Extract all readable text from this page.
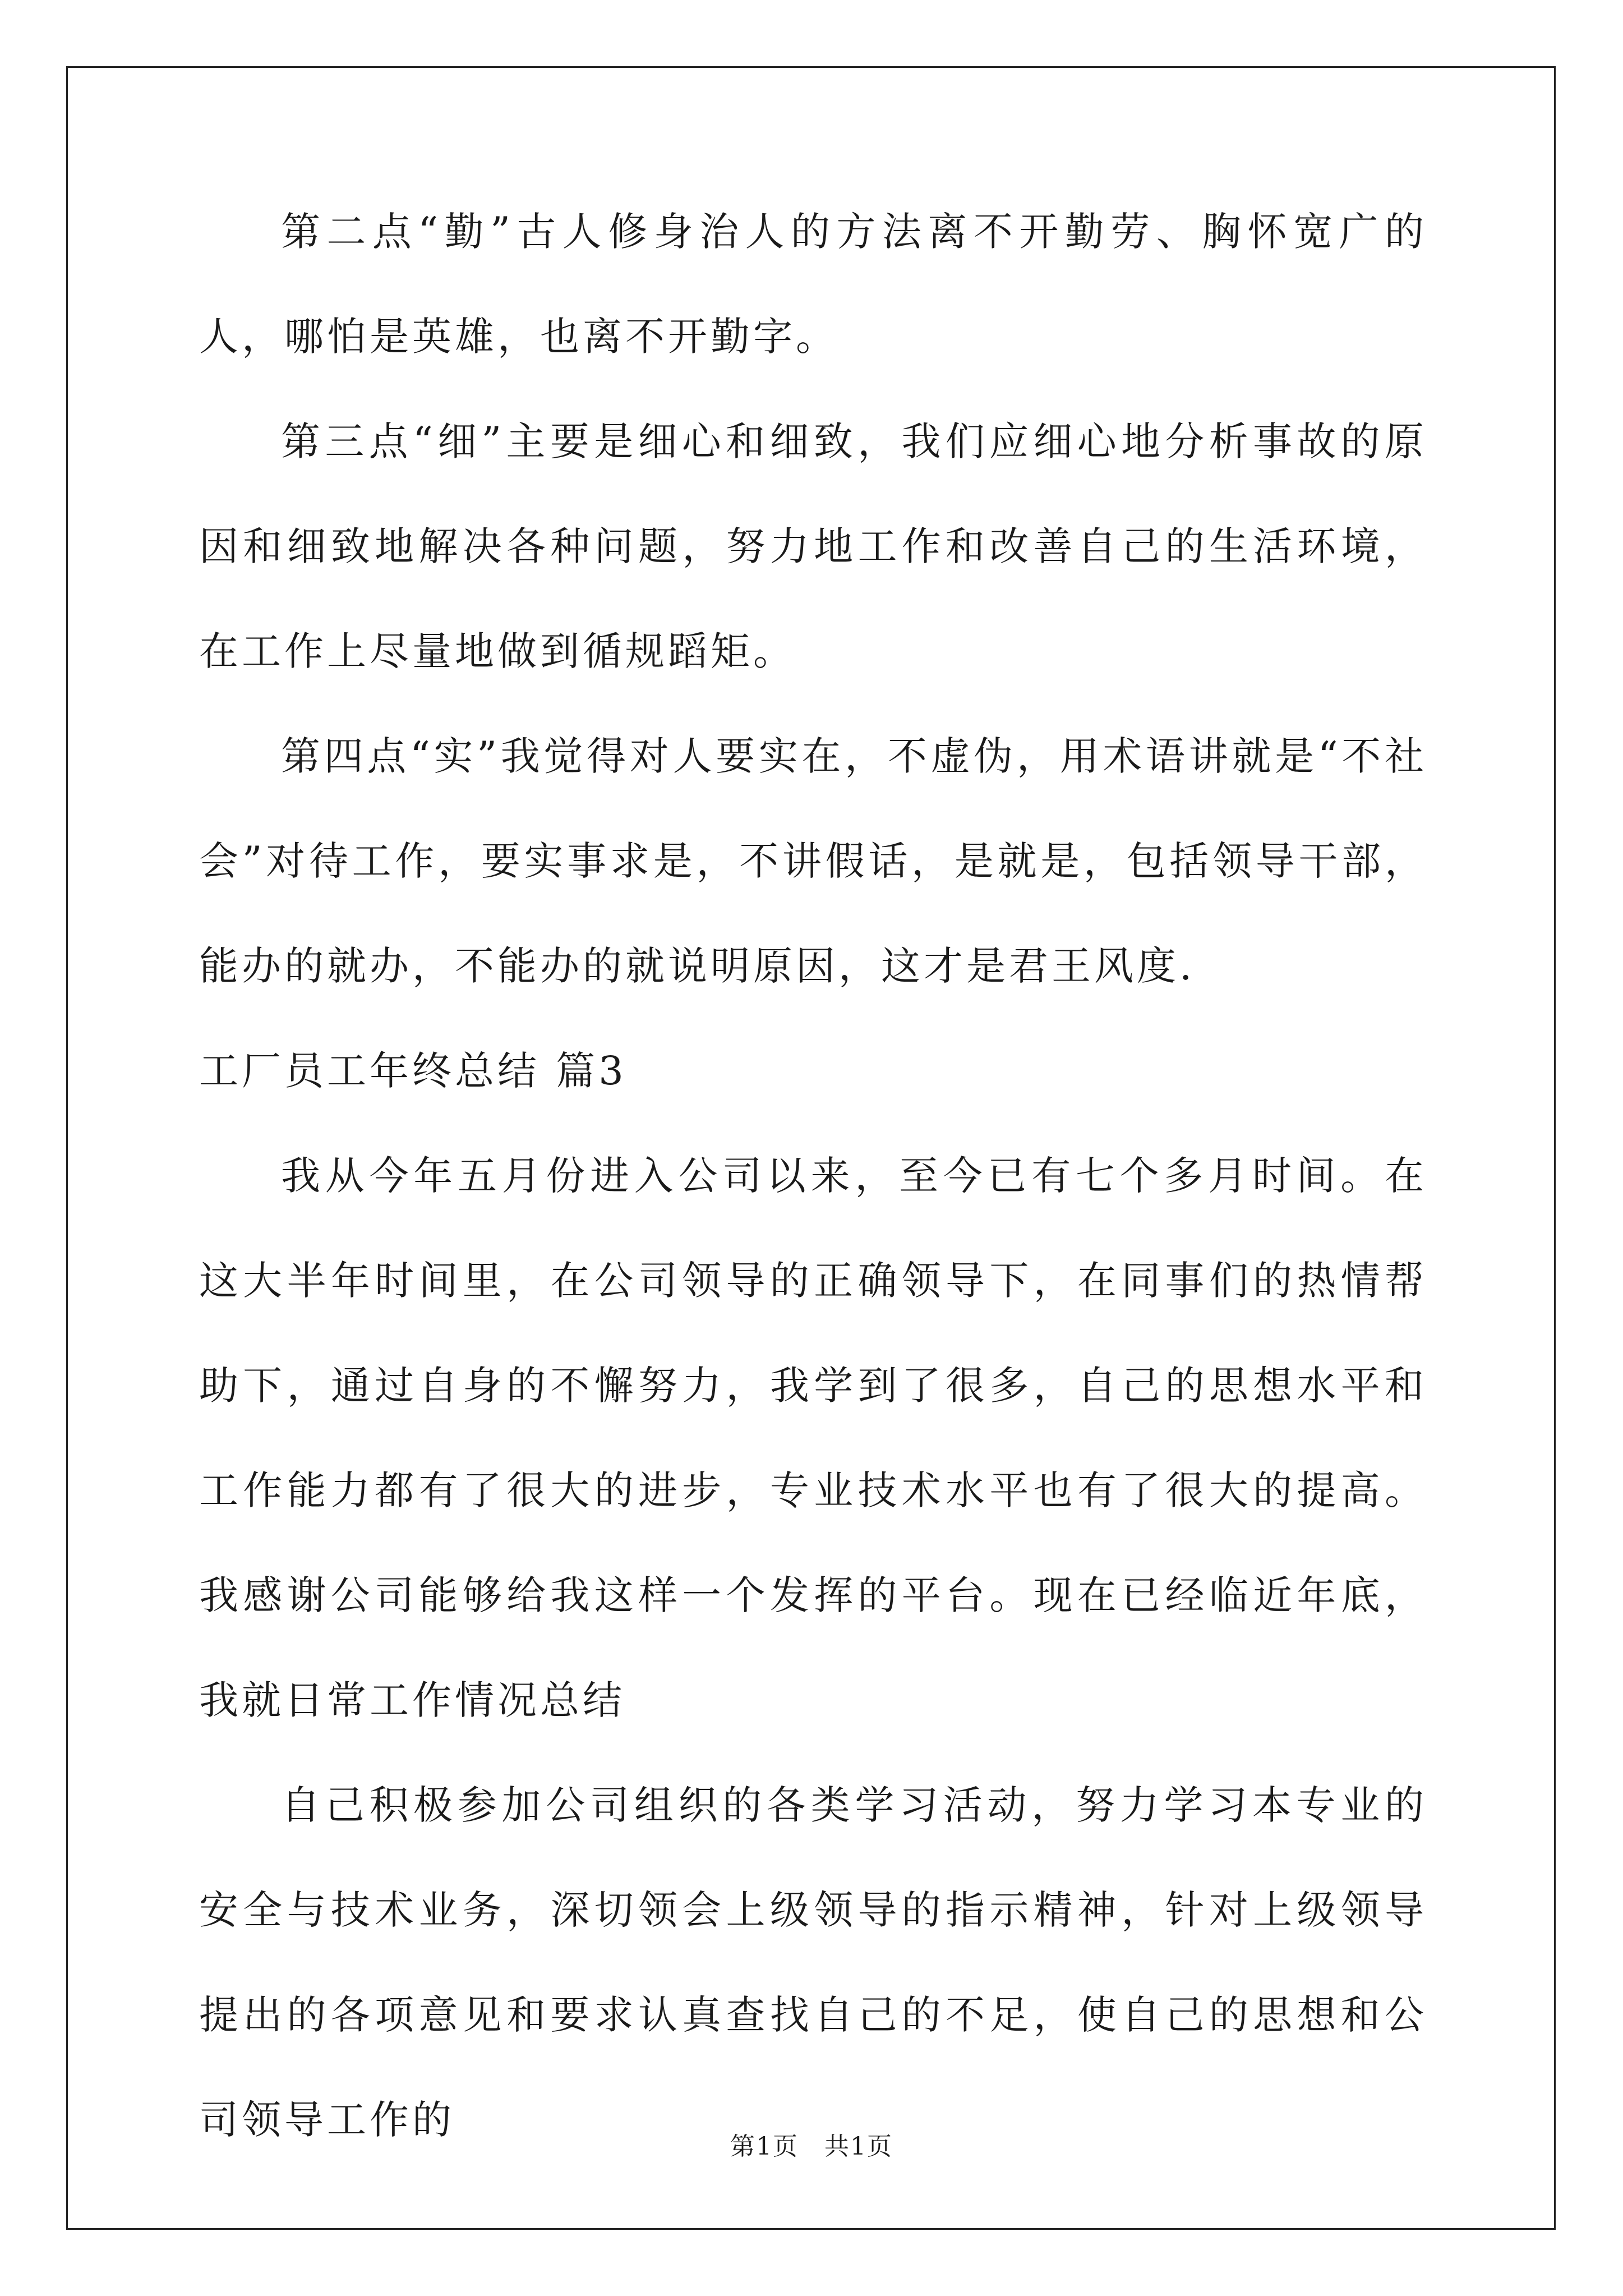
第二点“勤”古人修身治人的方法离不开勤劳、胸怀宽广的人，哪怕是英雄，也离不开勤字。

第三点“细”主要是细心和细致，我们应细心地分析事故的原因和细致地解决各种问题，努力地工作和改善自己的生活环境，在工作上尽量地做到循规蹈矩。

第四点“实”我觉得对人要实在，不虚伪，用术语讲就是“不社会”对待工作，要实事求是，不讲假话，是就是，包括领导干部，能办的就办，不能办的就说明原因，这才是君王风度.

工厂员工年终总结 篇3

我从今年五月份进入公司以来，至今已有七个多月时间。在这大半年时间里，在公司领导的正确领导下，在同事们的热情帮助下，通过自身的不懈努力，我学到了很多，自己的思想水平和工作能力都有了很大的进步，专业技术水平也有了很大的提高。我感谢公司能够给我这样一个发挥的平台。现在已经临近年底，我就日常工作情况总结

自己积极参加公司组织的各类学习活动，努力学习本专业的安全与技术业务，深切领会上级领导的指示精神，针对上级领导提出的各项意见和要求认真查找自己的不足，使自己的思想和公司领导工作的

第1页　共1页
